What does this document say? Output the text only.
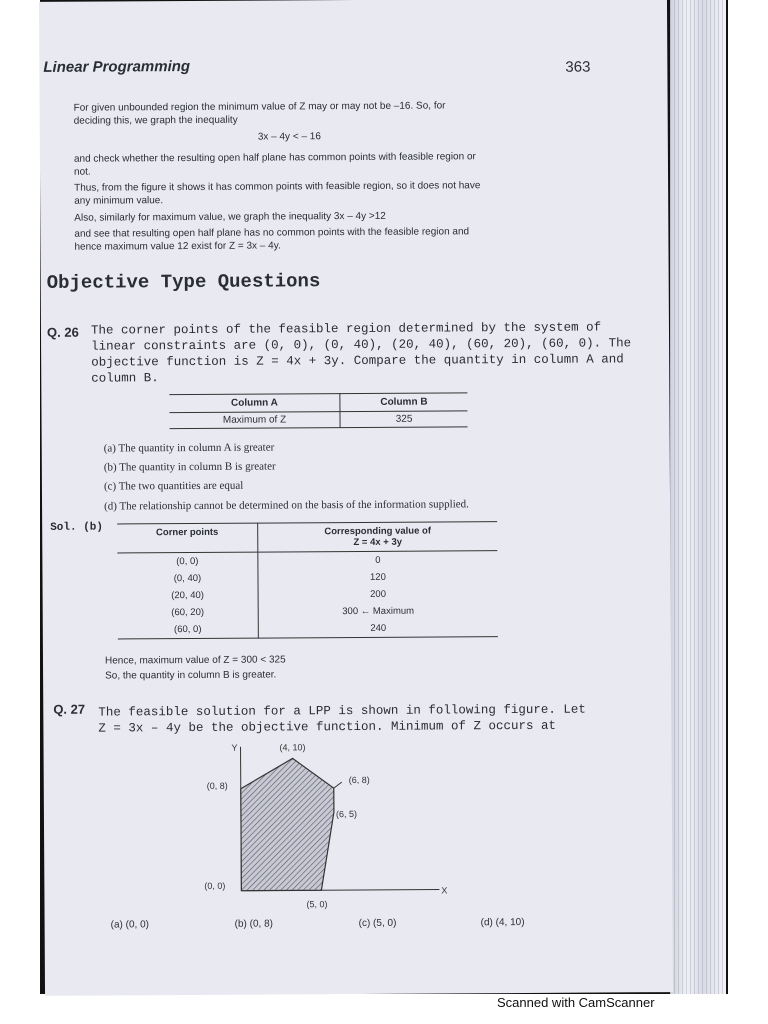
Linear Programming	363
For given unbounded region the minimum value of Z may or may not be –16. So, for
deciding this, we graph the inequality
3x – 4y < – 16
and check whether the resulting open half plane has common points with feasible region or
not.
Thus, from the figure it shows it has common points with feasible region, so it does not have
any minimum value.
Also, similarly for maximum value, we graph the inequality 3x – 4y >12
and see that resulting open half plane has no common points with the feasible region and
hence maximum value 12 exist for Z = 3x – 4y.
Objective Type Questions
Q. 26 The corner points of the feasible region determined by the system of
linear constraints are (0, 0), (0, 40), (20, 40), (60, 20), (60, 0). The
objective function is Z = 4x + 3y. Compare the quantity in column A and
column B.
Column A	Column B
Maximum of Z	325
(a) The quantity in column A is greater
(b) The quantity in column B is greater
(c) The two quantities are equal
(d) The relationship cannot be determined on the basis of the information supplied.
Sol. (b)	Corner points	Corresponding value of
Z = 4x + 3y

(0, 0)	0
(0, 40)	120
(20, 40)	200
(60, 20)	300 ← Maximum
(60, 0)	240
Hence, maximum value of Z = 300 < 325
So, the quantity in column B is greater.
Q. 27 The feasible solution for a LPP is shown in following figure. Let
Z = 3x – 4y be the objective function. Minimum of Z occurs at
Y
X
(4, 10)
(0, 8)
(6, 8)
(6, 5)
(0, 0)
(5, 0)
(a) (0, 0)	(b) (0, 8)	(c) (5, 0)	(d) (4, 10)
Scanned with CamScanner
